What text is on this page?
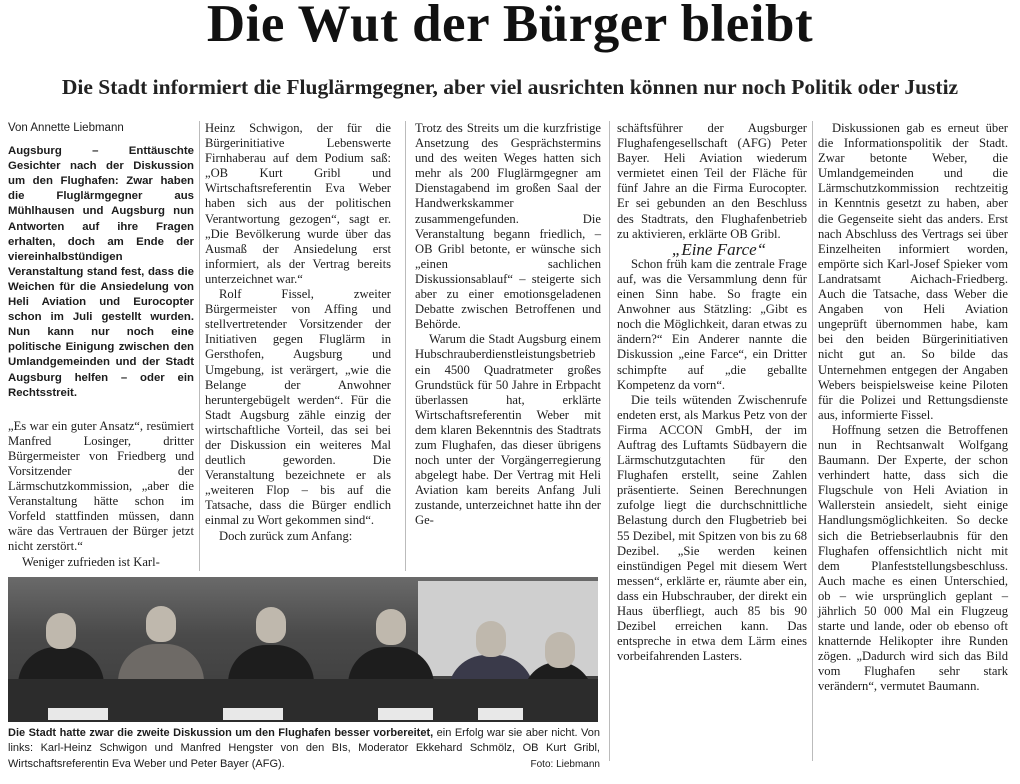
Die Wut der Bürger bleibt
Die Stadt informiert die Fluglärmgegner, aber viel ausrichten können nur noch Politik oder Justiz
Von Annette Liebmann
Augsburg – Enttäuschte Gesichter nach der Diskussion um den Flughafen: Zwar haben die Fluglärmgegner aus Mühlhausen und Augsburg nun Antworten auf ihre Fragen erhalten, doch am Ende der viereinhalbstündigen Veranstaltung stand fest, dass die Weichen für die Ansiedelung von Heli Aviation und Eurocopter schon im Juli gestellt wurden. Nun kann nur noch eine politische Einigung zwischen den Umlandgemeinden und der Stadt Augsburg helfen – oder ein Rechtsstreit.

„Es war ein guter Ansatz“, resümiert Manfred Losinger, dritter Bürgermeister von Friedberg und Vorsitzender der Lärmschutzkommission, „aber die Veranstaltung hätte schon im Vorfeld stattfinden müssen, dann wäre das Vertrauen der Bürger jetzt nicht zerstört.“

Weniger zufrieden ist Karl-

Heinz Schwigon, der für die Bürgerinitiative Lebenswerte Firnhaberau auf dem Podium saß: „OB Kurt Gribl und Wirtschaftsreferentin Eva Weber haben sich aus der politischen Verantwortung gezogen“, sagt er. „Die Bevölkerung wurde über das Ausmaß der Ansiedelung erst informiert, als der Vertrag bereits unterzeichnet war.“

Rolf Fissel, zweiter Bürgermeister von Affing und stellvertretender Vorsitzender der Initiativen gegen Fluglärm in Gersthofen, Augsburg und Umgebung, ist verärgert, „wie die Belange der Anwohner heruntergebügelt werden“. Für die Stadt Augsburg zähle einzig der wirtschaftliche Vorteil, das sei bei der Diskussion ein weiteres Mal deutlich geworden. Die Veranstaltung bezeichnete er als „weiteren Flop – bis auf die Tatsache, dass die Bürger endlich einmal zu Wort gekommen sind“.

Doch zurück zum Anfang:

Trotz des Streits um die kurzfristige Ansetzung des Gesprächstermins und des weiten Weges hatten sich mehr als 200 Fluglärmgegner am Dienstagabend im großen Saal der Handwerkskammer zusammengefunden. Die Veranstaltung begann friedlich, – OB Gribl betonte, er wünsche sich „einen sachlichen Diskussionsablauf“ – steigerte sich aber zu einer emotionsgeladenen Debatte zwischen Betroffenen und Behörde.

Warum die Stadt Augsburg einem Hubschrauberdienstleistungsbetrieb ein 4500 Quadratmeter großes Grundstück für 50 Jahre in Erbpacht überlassen hat, erklärte Wirtschaftsreferentin Weber mit dem klaren Bekenntnis des Stadtrats zum Flughafen, das dieser übrigens noch unter der Vorgängerregierung abgelegt habe. Der Vertrag mit Heli Aviation kam bereits Anfang Juli zustande, unterzeichnet hatte ihn der Ge-

schäftsführer der Augsburger Flughafengesellschaft (AFG) Peter Bayer. Heli Aviation wiederum vermietet einen Teil der Fläche für fünf Jahre an die Firma Eurocopter. Er sei gebunden an den Beschluss des Stadtrats, den Flughafenbetrieb zu aktivieren, erklärte OB Gribl.

„Eine Farce“

Schon früh kam die zentrale Frage auf, was die Versammlung denn für einen Sinn habe. So fragte ein Anwohner aus Stätzling: „Gibt es noch die Möglichkeit, daran etwas zu ändern?“ Ein Anderer nannte die Diskussion „eine Farce“, ein Dritter schimpfte auf „die geballte Kompetenz da vorn“.

Die teils wütenden Zwischenrufe endeten erst, als Markus Petz von der Firma ACCON GmbH, der im Auftrag des Luftamts Südbayern die Lärmschutzgutachten für den Flughafen erstellt, seine Zahlen präsentierte. Seinen Berechnungen zufolge liegt die durchschnittliche Belastung durch den Flugbetrieb bei 55 Dezibel, mit Spitzen von bis zu 68 Dezibel. „Sie werden keinen einstündigen Pegel mit diesem Wert messen“, erklärte er, räumte aber ein, dass ein Hubschrauber, der direkt ein Haus überfliegt, auch 85 bis 90 Dezibel erreichen kann. Das entspreche in etwa dem Lärm eines vorbeifahrenden Lasters.

Diskussionen gab es erneut über die Informationspolitik der Stadt. Zwar betonte Weber, die Umlandgemeinden und die Lärmschutzkommission rechtzeitig in Kenntnis gesetzt zu haben, aber die Gegenseite sieht das anders. Erst nach Abschluss des Vertrags sei über Einzelheiten informiert worden, empörte sich Karl-Josef Spieker vom Landratsamt Aichach-Friedberg. Auch die Tatsache, dass Weber die Angaben von Heli Aviation ungeprüft übernommen habe, kam bei den beiden Bürgerinitiativen nicht gut an. So bilde das Unternehmen entgegen der Angaben Webers beispielsweise keine Piloten für die Polizei und Rettungsdienste aus, informierte Fissel.

Hoffnung setzen die Betroffenen nun in Rechtsanwalt Wolfgang Baumann. Der Experte, der schon verhindert hatte, dass sich die Flugschule von Heli Aviation in Wallerstein ansiedelt, sieht einige Handlungsmöglichkeiten. So decke sich die Betriebserlaubnis für den Flughafen offensichtlich nicht mit dem Planfeststellungsbeschluss. Auch mache es einen Unterschied, ob – wie ursprünglich geplant – jährlich 50 000 Mal ein Flugzeug starte und lande, oder ob ebenso oft knatternde Helikopter ihre Runden zögen. „Dadurch wird sich das Bild vom Flughafen sehr stark verändern“, vermutet Baumann.

Die Stadt hatte zwar die zweite Diskussion um den Flughafen besser vorbereitet, ein Erfolg war sie aber nicht. Von links: Karl-Heinz Schwigon und Manfred Hengster von den BIs, Moderator Ekkehard Schmölz, OB Kurt Gribl, Wirtschaftsreferentin Eva Weber und Peter Bayer (AFG).	Foto: Liebmann
